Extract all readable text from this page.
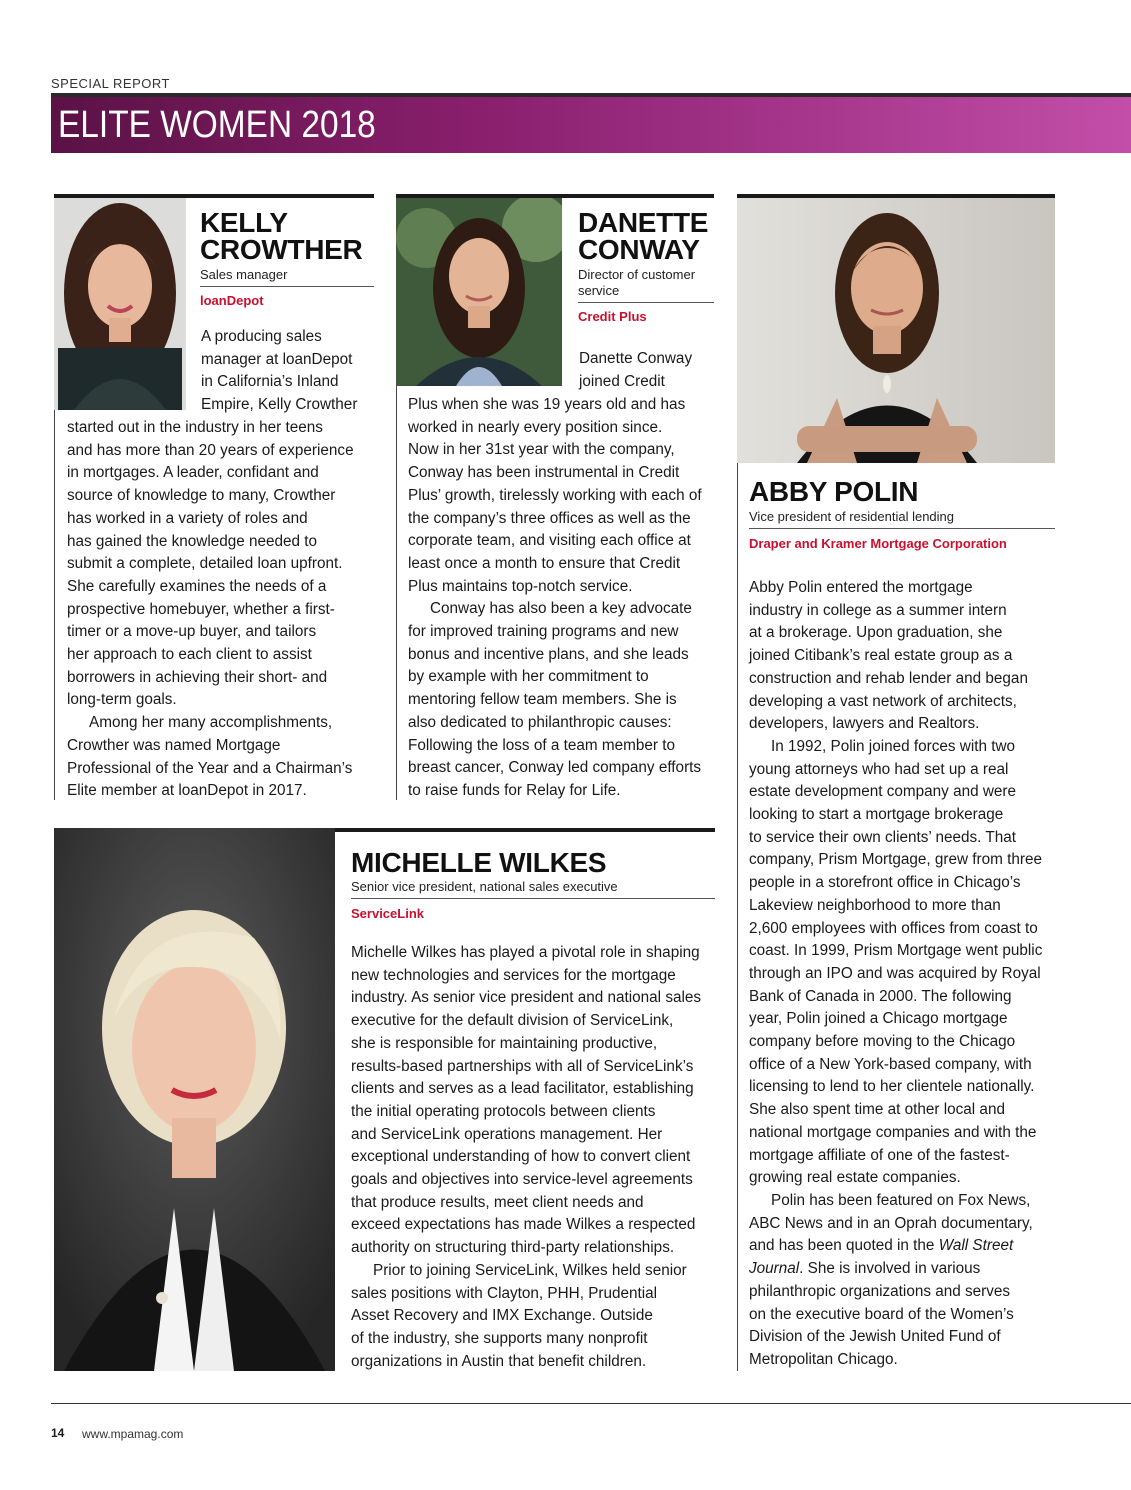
SPECIAL REPORT
ELITE WOMEN 2018
KELLY
CROWTHER
Sales manager
loanDepot
A producing sales
manager at loanDepot
in California’s Inland
Empire, Kelly Crowther
started out in the industry in her teens
and has more than 20 years of experience
in mortgages. A leader, confidant and
source of knowledge to many, Crowther
has worked in a variety of roles and
has gained the knowledge needed to
submit a complete, detailed loan upfront.
She carefully examines the needs of a
prospective homebuyer, whether a first-
timer or a move-up buyer, and tailors
her approach to each client to assist
borrowers in achieving their short- and
long-term goals.
Among her many accomplishments,
Crowther was named Mortgage
Professional of the Year and a Chairman’s
Elite member at loanDepot in 2017.
DANETTE
CONWAY
Director of customer service
Credit Plus
Danette Conway
joined Credit
Plus when she was 19 years old and has
worked in nearly every position since.
Now in her 31st year with the company,
Conway has been instrumental in Credit
Plus’ growth, tirelessly working with each of
the company’s three offices as well as the
corporate team, and visiting each office at
least once a month to ensure that Credit
Plus maintains top-notch service.
Conway has also been a key advocate
for improved training programs and new
bonus and incentive plans, and she leads
by example with her commitment to
mentoring fellow team members. She is
also dedicated to philanthropic causes:
Following the loss of a team member to
breast cancer, Conway led company efforts
to raise funds for Relay for Life.
ABBY POLIN
Vice president of residential lending
Draper and Kramer Mortgage Corporation
Abby Polin entered the mortgage
industry in college as a summer intern
at a brokerage. Upon graduation, she
joined Citibank’s real estate group as a
construction and rehab lender and began
developing a vast network of architects,
developers, lawyers and Realtors.
In 1992, Polin joined forces with two
young attorneys who had set up a real
estate development company and were
looking to start a mortgage brokerage
to service their own clients’ needs. That
company, Prism Mortgage, grew from three
people in a storefront office in Chicago’s
Lakeview neighborhood to more than
2,600 employees with offices from coast to
coast. In 1999, Prism Mortgage went public
through an IPO and was acquired by Royal
Bank of Canada in 2000. The following
year, Polin joined a Chicago mortgage
company before moving to the Chicago
office of a New York-based company, with
licensing to lend to her clientele nationally.
She also spent time at other local and
national mortgage companies and with the
mortgage affiliate of one of the fastest-
growing real estate companies.
Polin has been featured on Fox News,
ABC News and in an Oprah documentary,
and has been quoted in the Wall Street
Journal. She is involved in various
philanthropic organizations and serves
on the executive board of the Women’s
Division of the Jewish United Fund of
Metropolitan Chicago.
MICHELLE WILKES
Senior vice president, national sales executive
ServiceLink
Michelle Wilkes has played a pivotal role in shaping
new technologies and services for the mortgage
industry. As senior vice president and national sales
executive for the default division of ServiceLink,
she is responsible for maintaining productive,
results-based partnerships with all of ServiceLink’s
clients and serves as a lead facilitator, establishing
the initial operating protocols between clients
and ServiceLink operations management. Her
exceptional understanding of how to convert client
goals and objectives into service-level agreements
that produce results, meet client needs and
exceed expectations has made Wilkes a respected
authority on structuring third-party relationships.
Prior to joining ServiceLink, Wilkes held senior
sales positions with Clayton, PHH, Prudential
Asset Recovery and IMX Exchange. Outside
of the industry, she supports many nonprofit
organizations in Austin that benefit children.
14 www.mpamag.com
